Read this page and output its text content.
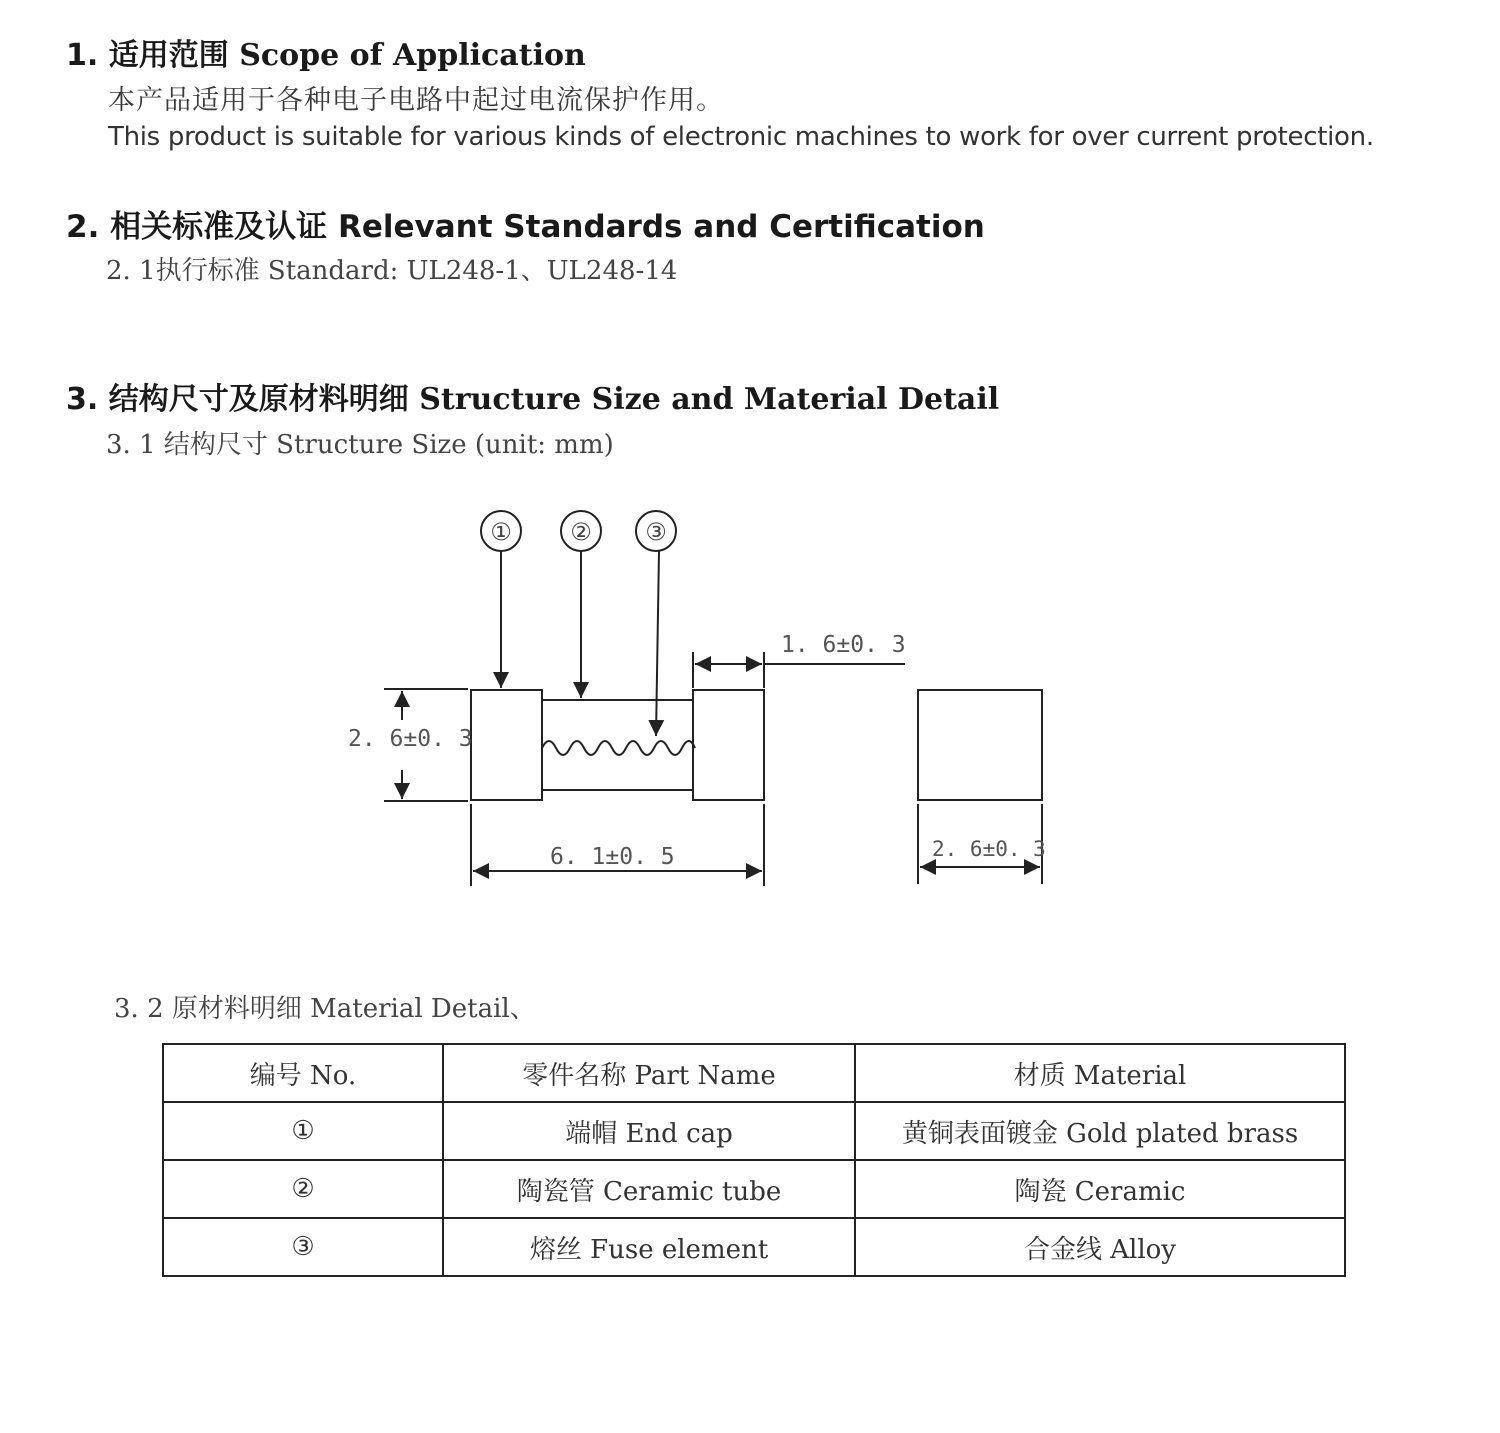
1. 适用范围 Scope of Application
本产品适用于各种电子电路中起过电流保护作用。
This product is suitable for various kinds of electronic machines to work for over current protection.
2. 相关标准及认证 Relevant Standards and Certification
2. 1执行标准 Standard: UL248-1、UL248-14
3. 结构尺寸及原材料明细 Structure Size and Material Detail
3. 1 结构尺寸 Structure Size (unit: mm)
① ② ③
2. 6±0. 3
1. 6±0. 3
6. 1±0. 5	2. 6±0. 3
3. 2 原材料明细 Material Detail、
编号 No.	零件名称 Part Name	材质 Material
①	端帽 End cap	黄铜表面镀金 Gold plated brass
②	陶瓷管 Ceramic tube	陶瓷 Ceramic
③	熔丝 Fuse element	合金线 Alloy
